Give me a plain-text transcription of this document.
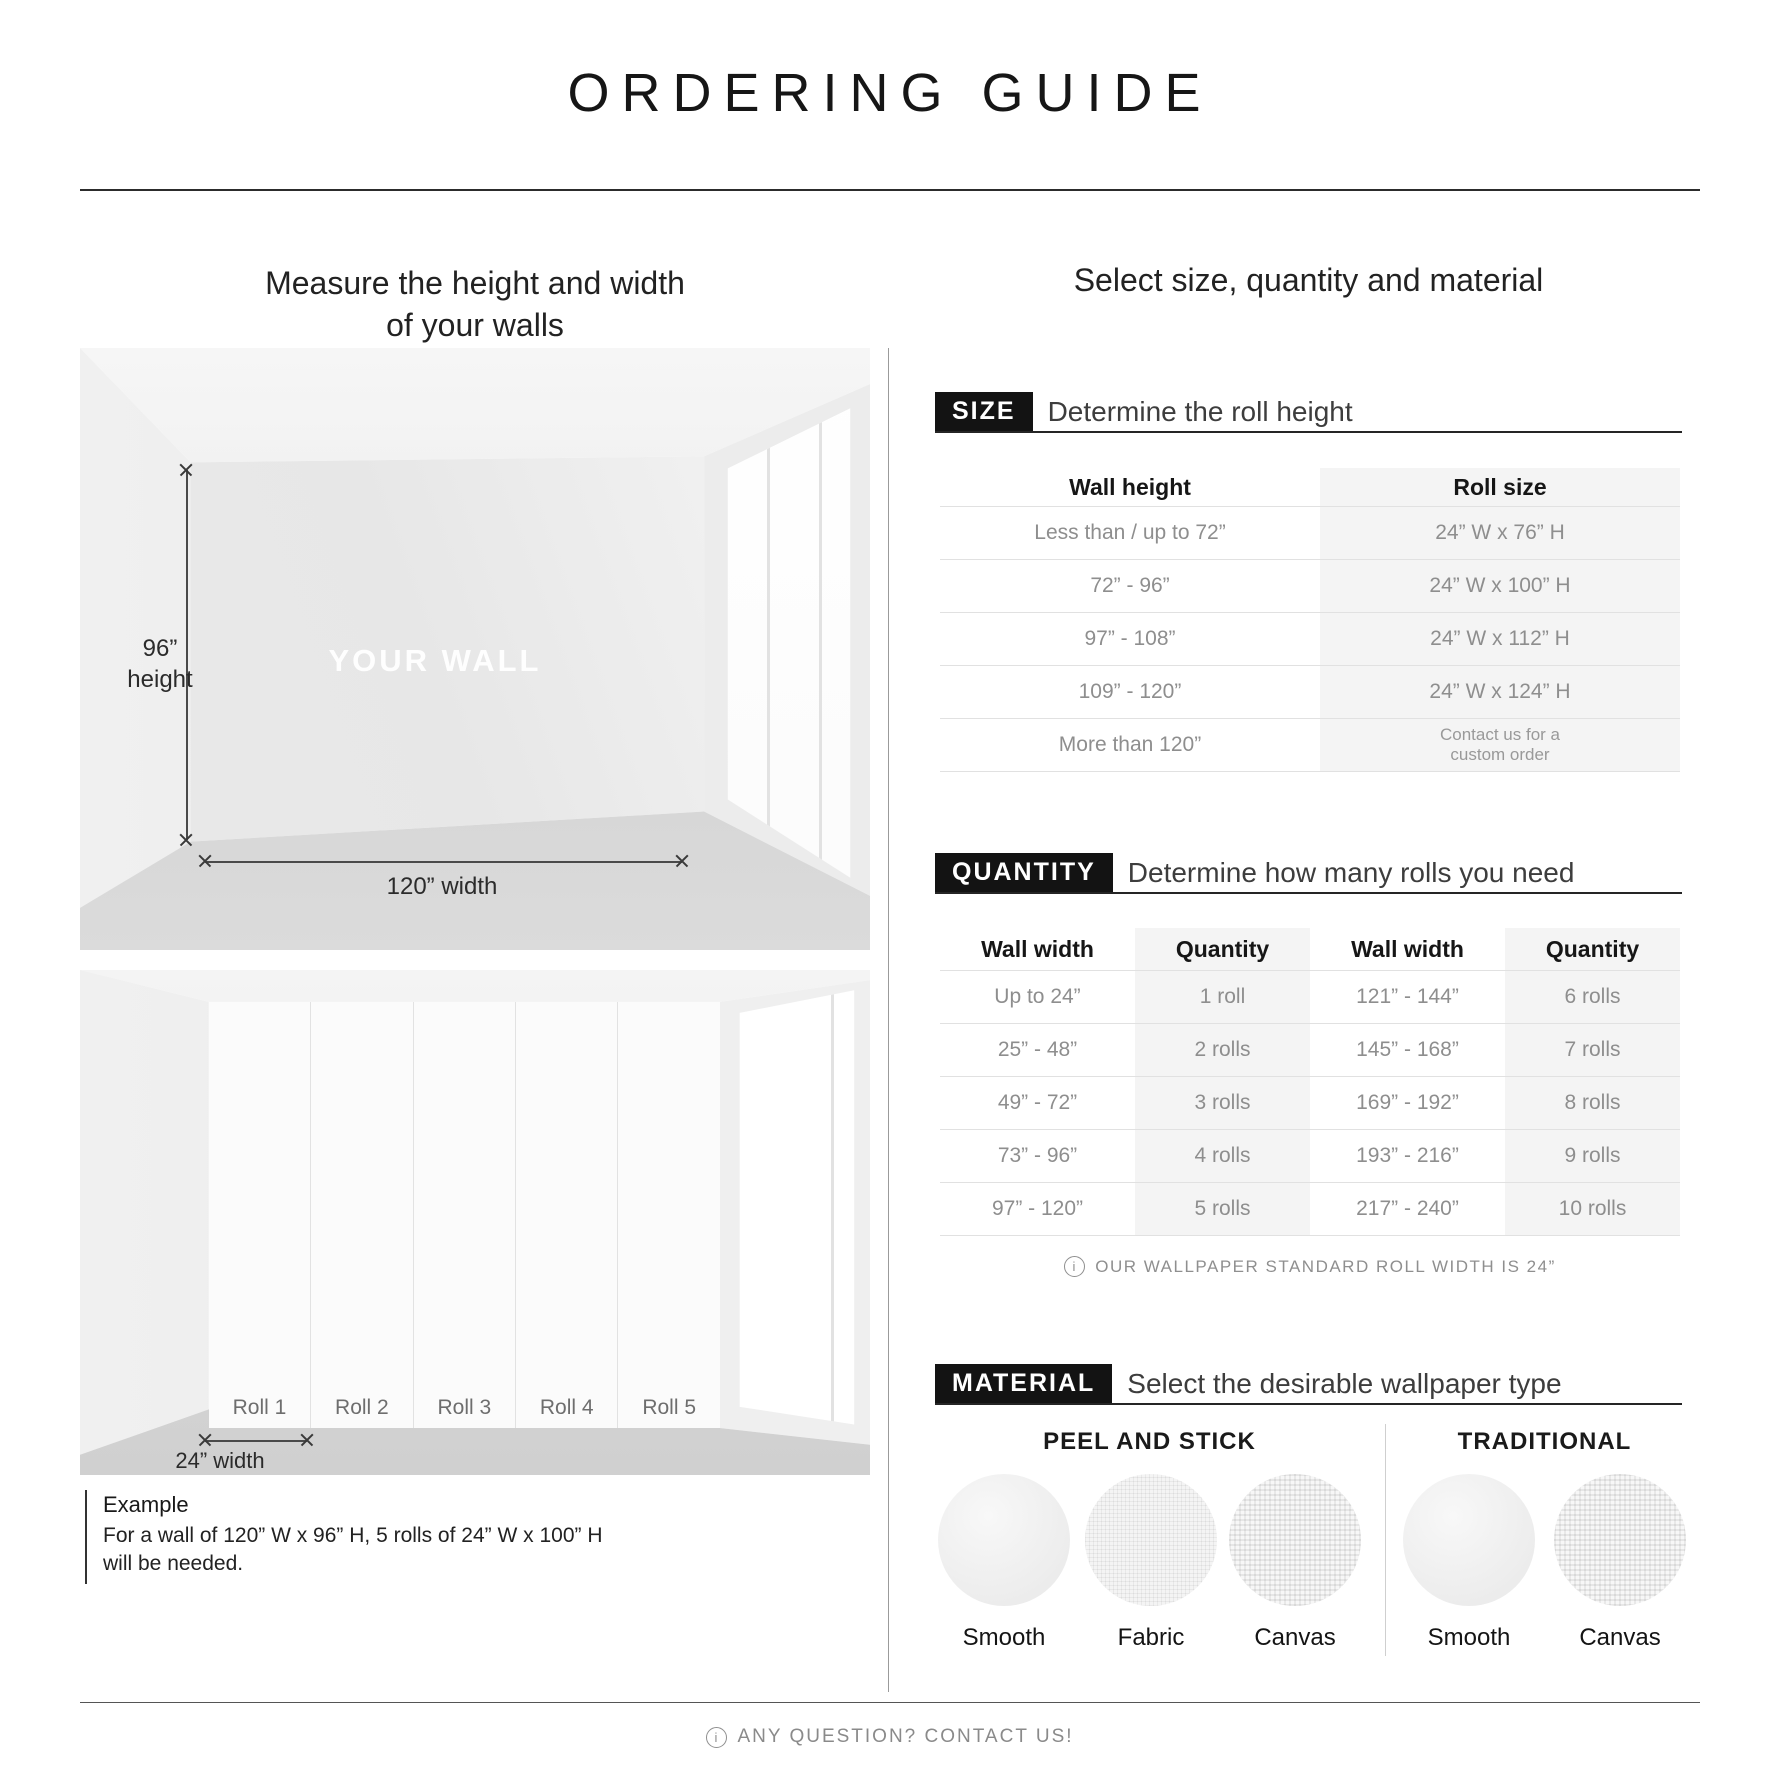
ORDERING GUIDE
Measure the height and width
of your walls
Select size, quantity and material
96”
height
YOUR WALL
120” width
Roll 1	Roll 2	Roll 3	Roll 4	Roll 5
24” width
Example
For a wall of 120” W x 96” H, 5 rolls of 24” W x 100” H
will be needed.
SIZE	Determine the roll height
Wall height	Roll size
Less than / up to 72”	24” W x 76” H
72” - 96”	24” W x 100” H
97” - 108”	24” W x 112” H
109” - 120”	24” W x 124” H
More than 120”	Contact us for a
custom order
QUANTITY	Determine how many rolls you need
Wall width	Quantity	Wall width	Quantity
Up to 24”	1 roll	121” - 144”	6 rolls
25” - 48”	2 rolls	145” - 168”	7 rolls
49” - 72”	3 rolls	169” - 192”	8 rolls
73” - 96”	4 rolls	193” - 216”	9 rolls
97” - 120”	5 rolls	217” - 240”	10 rolls
i	OUR WALLPAPER STANDARD ROLL WIDTH IS 24”
MATERIAL	Select the desirable wallpaper type
PEEL AND STICK	TRADITIONAL
Smooth	Fabric	Canvas	Smooth	Canvas
i ANY QUESTION? CONTACT US!
